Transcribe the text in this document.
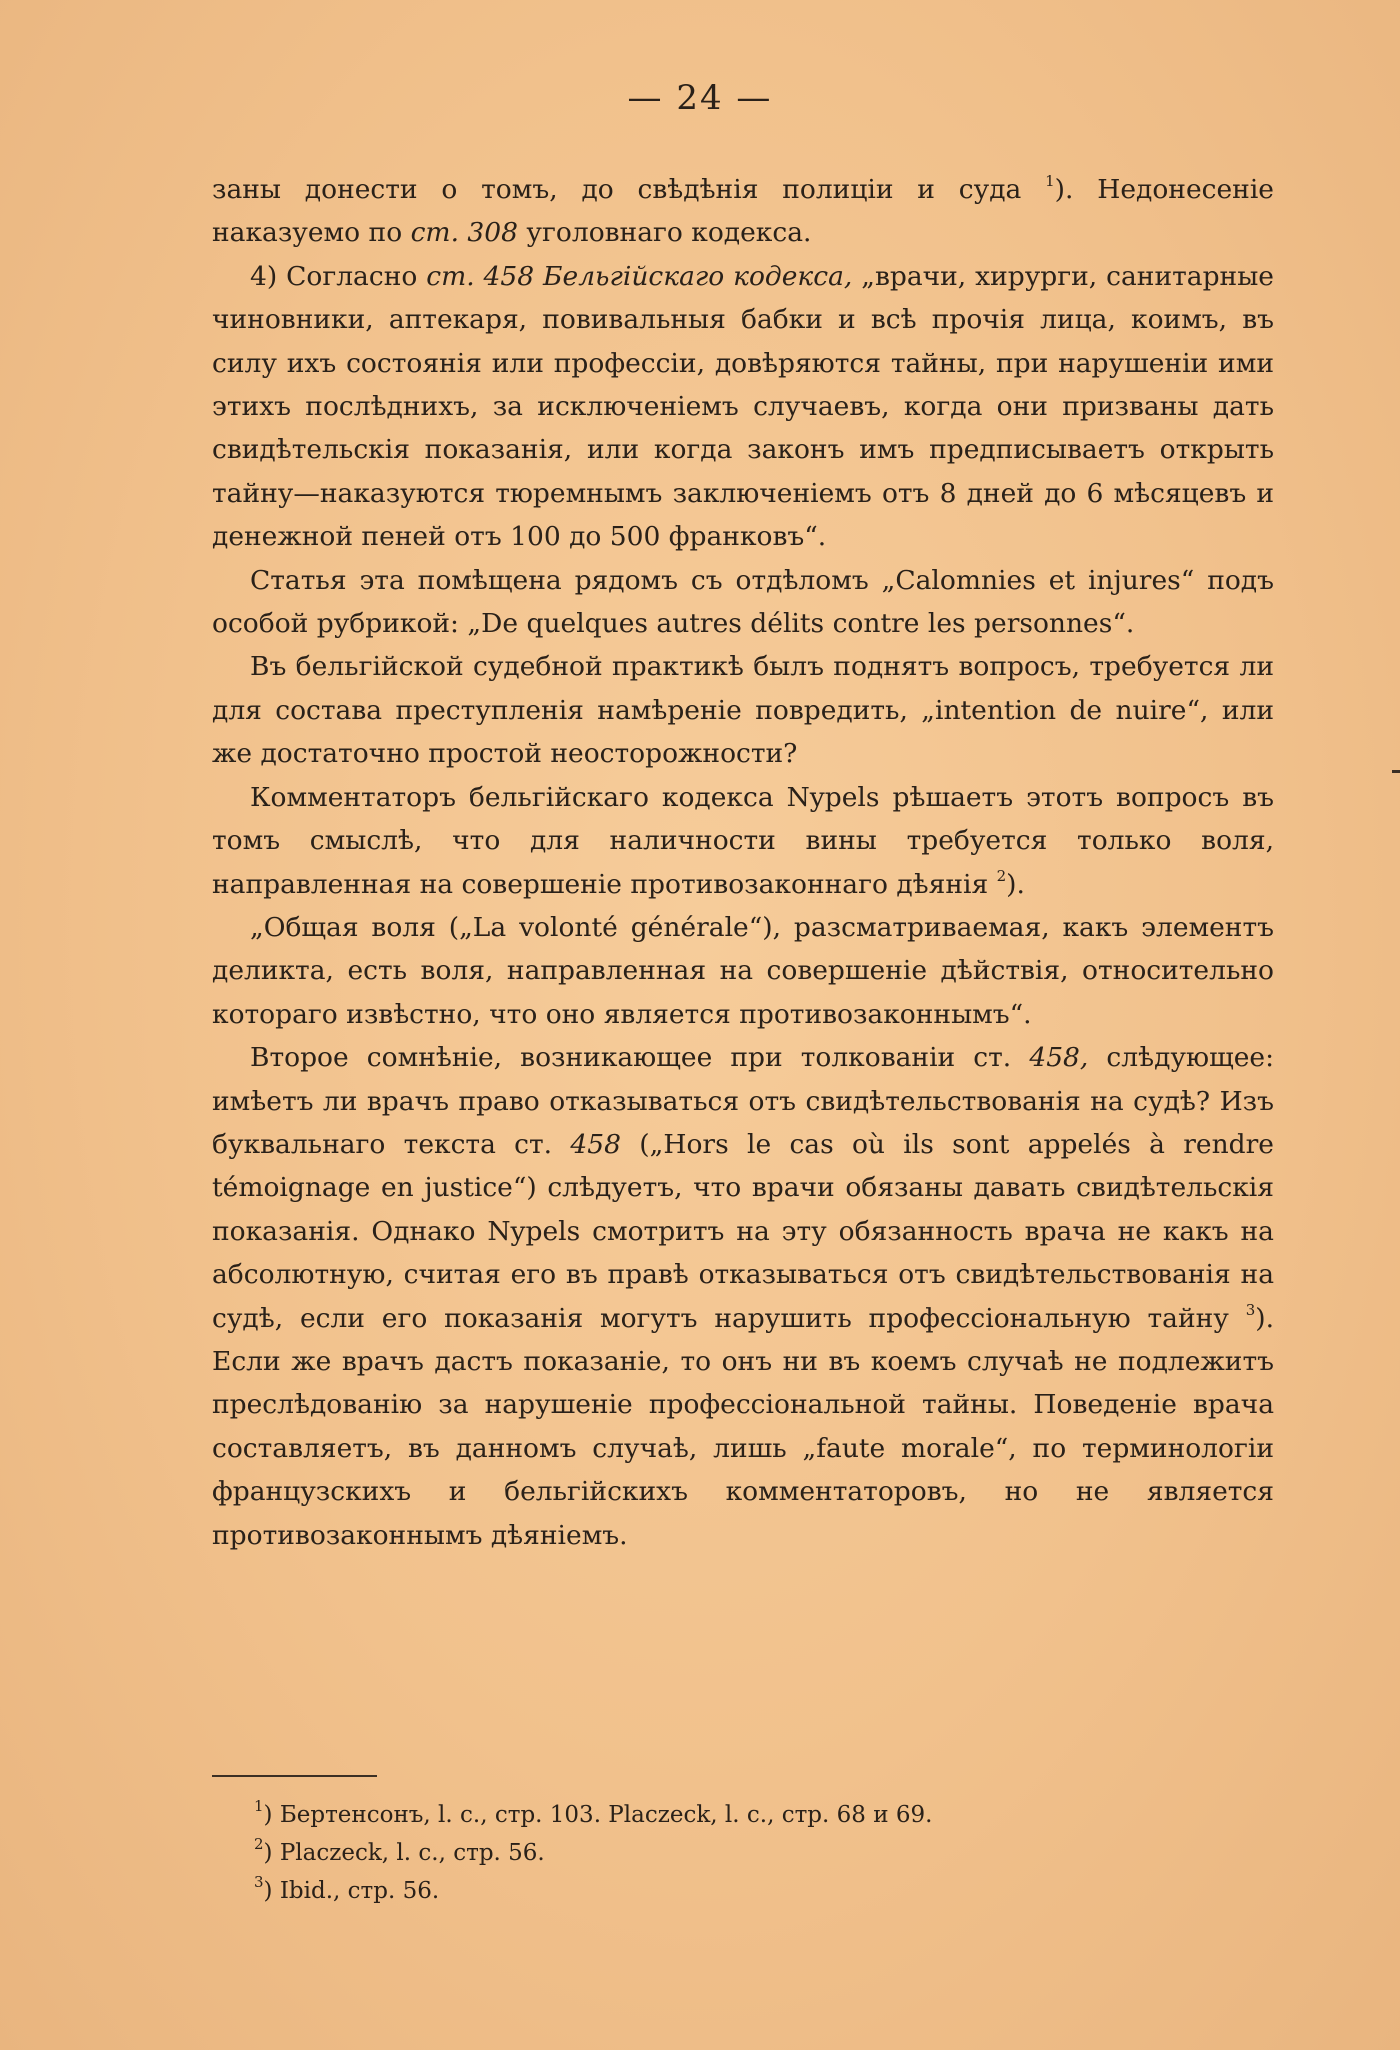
— 24 —

заны донести о томъ, до свѣдѣнія полиціи и суда $^1$). Недонесеніе наказуемо по ст. 308 уголовнаго кодекса.

4) Согласно ст. 458 Бельгійскаго кодекса, „врачи, хирурги, санитарные чиновники, аптекаря, повивальныя бабки и всѣ прочія лица, коимъ, въ силу ихъ состоянія или профессіи, довѣряются тайны, при нарушеніи ими этихъ послѣднихъ, за исключеніемъ случаевъ, когда они призваны дать свидѣтельскія показанія, или когда законъ имъ предписываетъ открыть тайну—наказуются тюремнымъ заключеніемъ отъ 8 дней до 6 мѣсяцевъ и денежной пеней отъ 100 до 500 франковъ“.

Статья эта помѣщена рядомъ съ отдѣломъ „Calomnies et injures“ подъ особой рубрикой: „De quelques autres délits contre les personnes“.

Въ бельгійской судебной практикѣ былъ поднятъ вопросъ, требуется ли для состава преступленія намѣреніе повредить, „intention de nuire“, или же достаточно простой неосторожности?

Комментаторъ бельгійскаго кодекса Nypels рѣшаетъ этотъ вопросъ въ томъ смыслѣ, что для наличности вины требуется только воля, направленная на совершеніе противозаконнаго дѣянія $^2$).

„Общая воля („La volonté générale“), разсматриваемая, какъ элементъ деликта, есть воля, направленная на совершеніе дѣйствія, относительно котораго извѣстно, что оно является противозаконнымъ“.

Второе сомнѣніе, возникающее при толкованіи ст. 458, слѣдующее: имѣетъ ли врачъ право отказываться отъ свидѣтельствованія на судѣ? Изъ буквальнаго текста ст. 458 („Hors le cas où ils sont appelés à rendre témoignage en justice“) слѣдуетъ, что врачи обязаны давать свидѣтельскія показанія. Однако Nypels смотритъ на эту обязанность врача не какъ на абсолютную, считая его въ правѣ отказываться отъ свидѣтельствованія на судѣ, если его показанія могутъ нарушить профессіональную тайну $^3$). Если же врачъ дастъ показаніе, то онъ ни въ коемъ случаѣ не подлежитъ преслѣдованію за нарушеніе профессіональной тайны. Поведеніе врача составляетъ, въ данномъ случаѣ, лишь „faute morale“, по терминологіи французскихъ и бельгійскихъ комментаторовъ, но не является противозаконнымъ дѣяніемъ.

$^1$) Бертенсонъ, l. c., стр. 103. Placzeck, l. c., стр. 68 и 69.
$^2$) Placzeck, l. c., стр. 56.
$^3$) Ibid., стр. 56.
